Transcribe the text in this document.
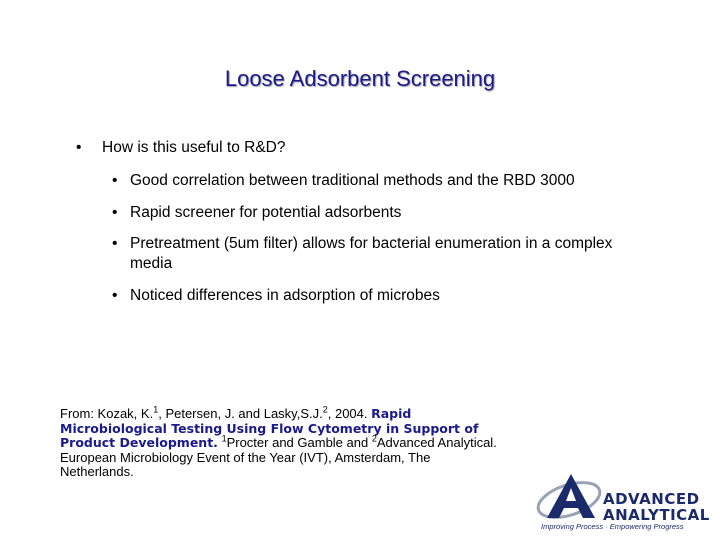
Loose Adsorbent Screening
• How is this useful to R&D?
• Good correlation between traditional methods and the RBD 3000
• Rapid screener for potential adsorbents
• Pretreatment (5um filter) allows for bacterial enumeration in a complex media
• Noticed differences in adsorption of microbes
From: Kozak, K.$^1$, Petersen, J. and Lasky,S.J.$^2$, 2004. Rapid Microbiological Testing Using Flow Cytometry in Support of Product Development. $^1$Procter and Gamble and $^2$Advanced Analytical. European Microbiology Event of the Year (IVT), Amsterdam, The Netherlands.
ADVANCED
ANALYTICAL
Improving Process · Empowering Progress
